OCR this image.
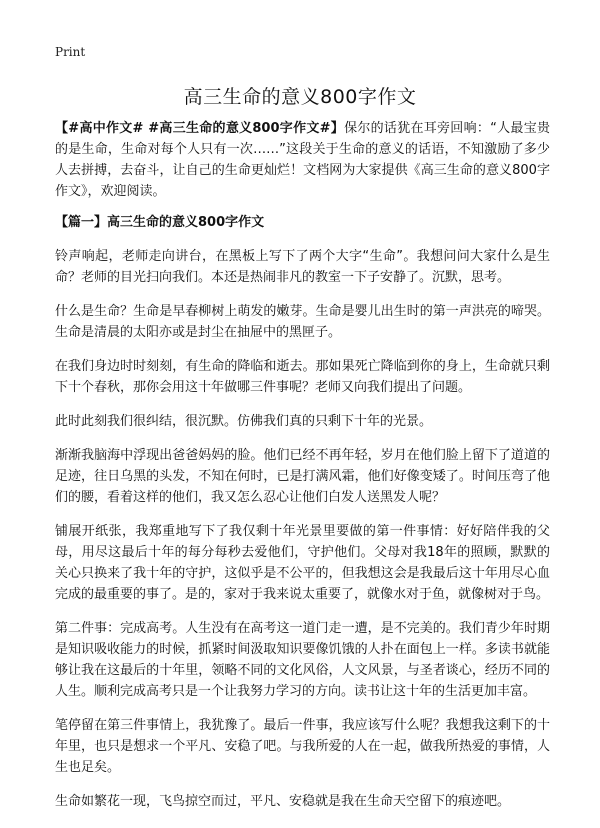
Print
高三生命的意义800字作文

【#高中作文# #高三生命的意义800字作文#】保尔的话犹在耳旁回响：“人最宝贵的是生命，生命对每个人只有一次……”这段关于生命的意义的话语，不知激励了多少人去拼搏，去奋斗，让自己的生命更灿烂！文档网为大家提供《高三生命的意义800字作文》，欢迎阅读。

【篇一】高三生命的意义800字作文

铃声响起，老师走向讲台，在黑板上写下了两个大字“生命”。我想问问大家什么是生命？老师的目光扫向我们。本还是热闹非凡的教室一下子安静了。沉默，思考。

什么是生命？生命是早春柳树上萌发的嫩芽。生命是婴儿出生时的第一声洪亮的啼哭。生命是清晨的太阳亦或是封尘在抽屉中的黑匣子。

在我们身边时时刻刻，有生命的降临和逝去。那如果死亡降临到你的身上，生命就只剩下十个春秋，那你会用这十年做哪三件事呢？老师又向我们提出了问题。

此时此刻我们很纠结，很沉默。仿佛我们真的只剩下十年的光景。

渐渐我脑海中浮现出爸爸妈妈的脸。他们已经不再年轻，岁月在他们脸上留下了道道的足迹，往日乌黑的头发，不知在何时，已是打满风霜，他们好像变矮了。时间压弯了他们的腰，看着这样的他们，我又怎么忍心让他们白发人送黑发人呢？

铺展开纸张，我郑重地写下了我仅剩十年光景里要做的第一件事情：好好陪伴我的父母，用尽这最后十年的每分每秒去爱他们，守护他们。父母对我18年的照顾，默默的关心只换来了我十年的守护，这似乎是不公平的，但我想这会是我最后这十年用尽心血完成的最重要的事了。是的，家对于我来说太重要了，就像水对于鱼，就像树对于鸟。

第二件事：完成高考。人生没有在高考这一道门走一遭，是不完美的。我们青少年时期是知识吸收能力的时候，抓紧时间汲取知识要像饥饿的人扑在面包上一样。多读书就能够让我在这最后的十年里，领略不同的文化风俗，人文风景，与圣者谈心，经历不同的人生。顺利完成高考只是一个让我努力学习的方向。读书让这十年的生活更加丰富。

笔停留在第三件事情上，我犹豫了。最后一件事，我应该写什么呢？我想我这剩下的十年里，也只是想求一个平凡、安稳了吧。与我所爱的人在一起，做我所热爱的事情，人生也足矣。

生命如繁花一现，飞鸟掠空而过，平凡、安稳就是我在生命天空留下的痕迹吧。
